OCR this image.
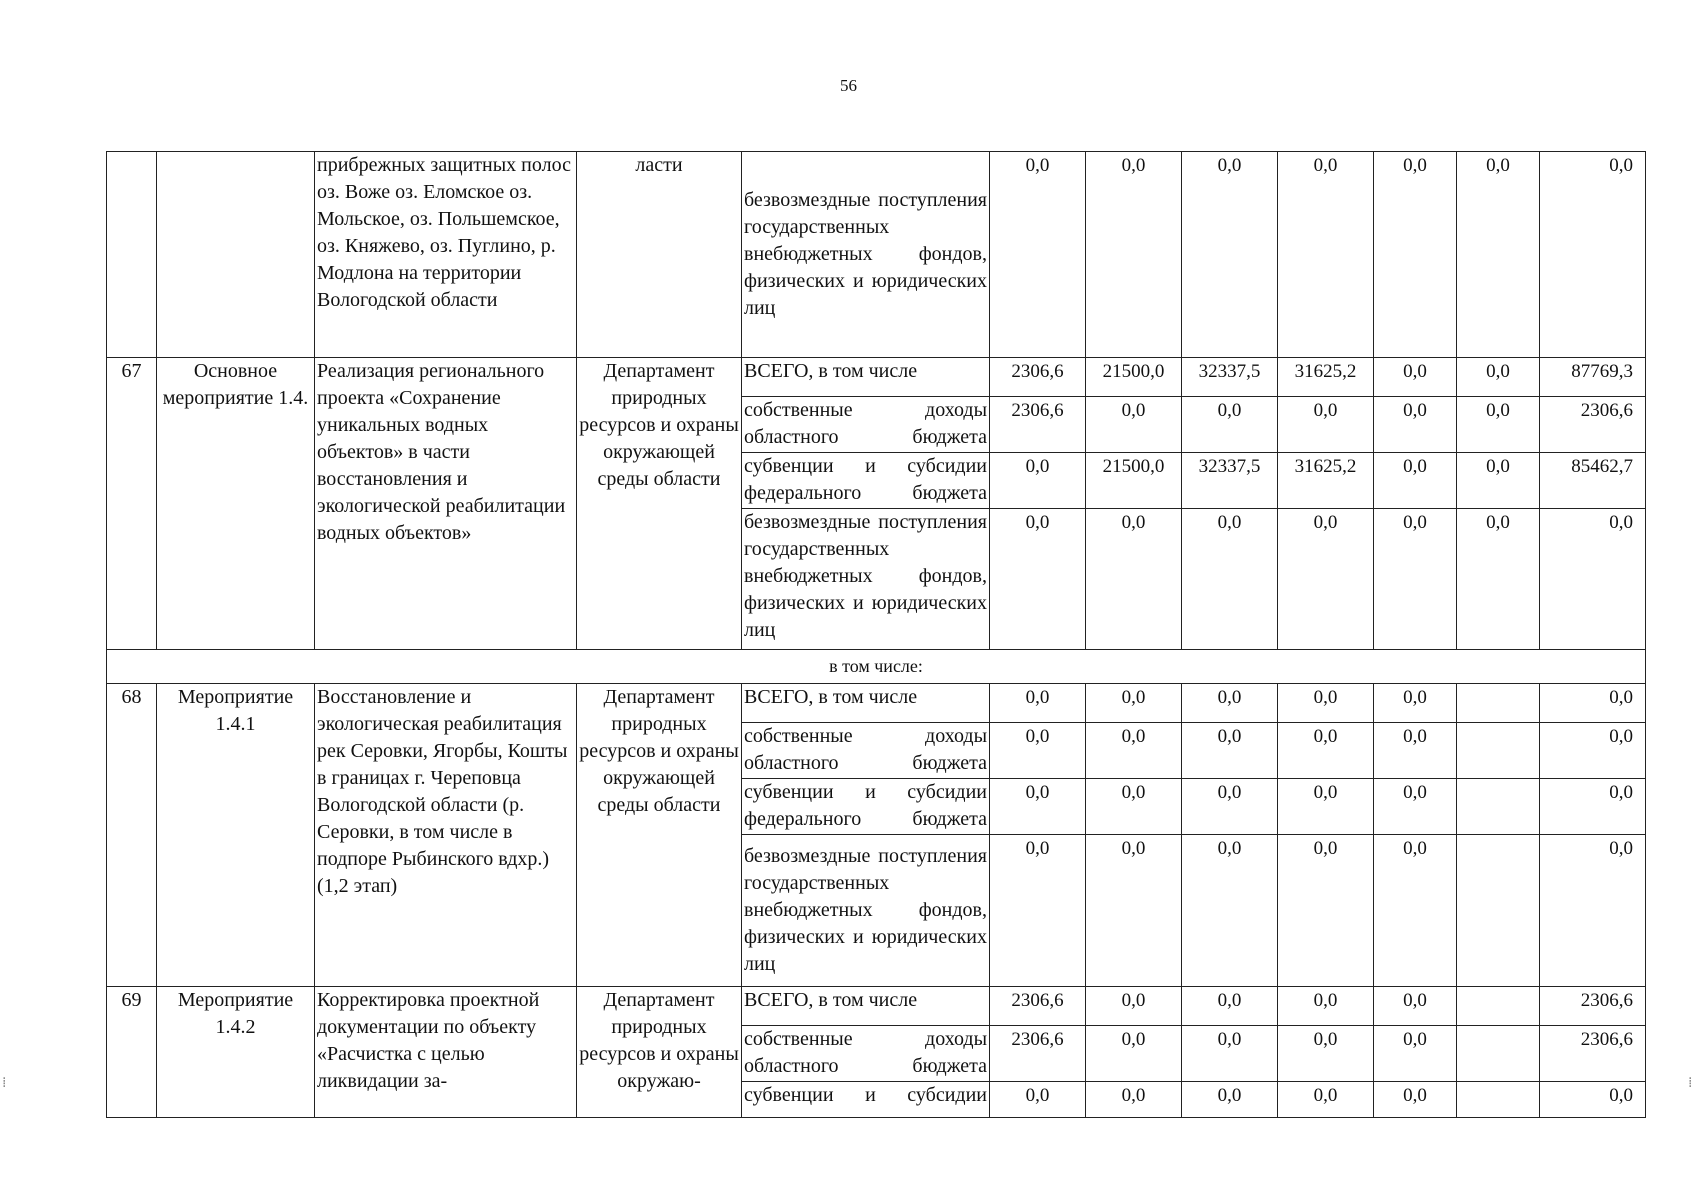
56
		прибрежных защитных полос оз. Воже оз. Еломское оз. Мольское, оз. Польшемское, оз. Княжево, оз. Пуглино, р. Модлона на территории Вологодской области	ласти	безвозмездные поступления государственных внебюджетных фондов, физических и юридических лиц	0,0	0,0	0,0	0,0	0,0	0,0	0,0
67	Основное мероприятие 1.4.	Реализация регионального проекта «Сохранение уникальных водных объектов» в части восстановления и экологической реабилитации водных объектов»	Департамент природных ресурсов и охраны окружающей среды области	ВСЕГО, в том числе	2306,6	21500,0	32337,5	31625,2	0,0	0,0	87769,3
				собственные доходы областного бюджета	2306,6	0,0	0,0	0,0	0,0	0,0	2306,6
				субвенции и субсидии федерального бюджета	0,0	21500,0	32337,5	31625,2	0,0	0,0	85462,7
				безвозмездные поступления государственных внебюджетных фондов, физических и юридических лиц	0,0	0,0	0,0	0,0	0,0	0,0	0,0
в том числе:											
68	Мероприятие 1.4.1	Восстановление и экологическая реабилитация рек Серовки, Ягорбы, Кошты в границах г. Череповца Вологодской области (р. Серовки, в том числе в подпоре Рыбинского вдхр.) (1,2 этап)	Департамент природных ресурсов и охраны окружающей среды области	ВСЕГО, в том числе	0,0	0,0	0,0	0,0	0,0		0,0
				собственные доходы областного бюджета	0,0	0,0	0,0	0,0	0,0		0,0
				субвенции и субсидии федерального бюджета	0,0	0,0	0,0	0,0	0,0		0,0
				безвозмездные поступления государственных внебюджетных фондов, физических и юридических лиц	0,0	0,0	0,0	0,0	0,0		0,0
69	Мероприятие 1.4.2	Корректировка проектной документации по объекту «Расчистка с целью ликвидации за-	Департамент природных ресурсов и охраны окружаю-	ВСЕГО, в том числе	2306,6	0,0	0,0	0,0	0,0		2306,6
				собственные доходы областного бюджета	2306,6	0,0	0,0	0,0	0,0		2306,6
				субвенции и субсидии	0,0	0,0	0,0	0,0	0,0		0,0
⁞	⁞
